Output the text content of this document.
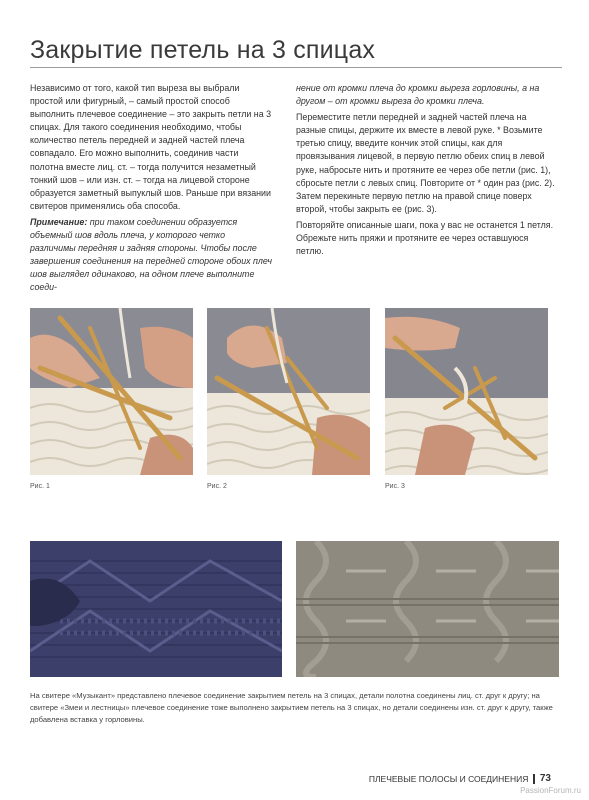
Закрытие петель на 3 спицах

Независимо от того, какой тип выреза вы выбрали простой или фигурный, – самый простой способ выполнить плечевое соединение – это закрыть петли на 3 спицах. Для такого соединения необходимо, чтобы количество петель передней и задней частей плеча совпадало. Его можно выполнить, соединив части полотна вместе лиц. ст. – тогда получится незаметный тонкий шов – или изн. ст. – тогда на лицевой стороне образуется заметный выпуклый шов. Раньше при вязании свитеров применялись оба способа.

Примечание: при таком соединении образуется объемный шов вдоль плеча, у которого четко различимы передняя и задняя стороны. Чтобы после завершения соединения на передней стороне обоих плеч шов выглядел одинаково, на одном плече выполните соеди-

нение от кромки плеча до кромки выреза горловины, а на другом – от кромки выреза до кромки плеча.

Переместите петли передней и задней частей плеча на разные спицы, держите их вместе в левой руке. * Возьмите третью спицу, введите кончик этой спицы, как для провязывания лицевой, в первую петлю обеих спиц в левой руке, набросьте нить и протяните ее через обе петли (рис. 1), сбросьте петли с левых спиц. Повторите от * один раз (рис. 2). Затем перекиньте первую петлю на правой спице поверх второй, чтобы закрыть ее (рис. 3).

Повторяйте описанные шаги, пока у вас не останется 1 петля. Обрежьте нить пряжи и протяните ее через оставшуюся петлю.

Рис. 1	Рис. 2	Рис. 3

На свитере «Музыкант» представлено плечевое соединение закрытием петель на 3 спицах, детали полотна соединены лиц. ст. друг к другу; на свитере «Змеи и лестницы» плечевое соединение тоже выполнено закрытием петель на 3 спицах, но детали соединены изн. ст. друг к другу, также добавлена вставка у горловины.

ПЛЕЧЕВЫЕ ПОЛОСЫ И СОЕДИНЕНИЯ 73
PassionForum.ru
